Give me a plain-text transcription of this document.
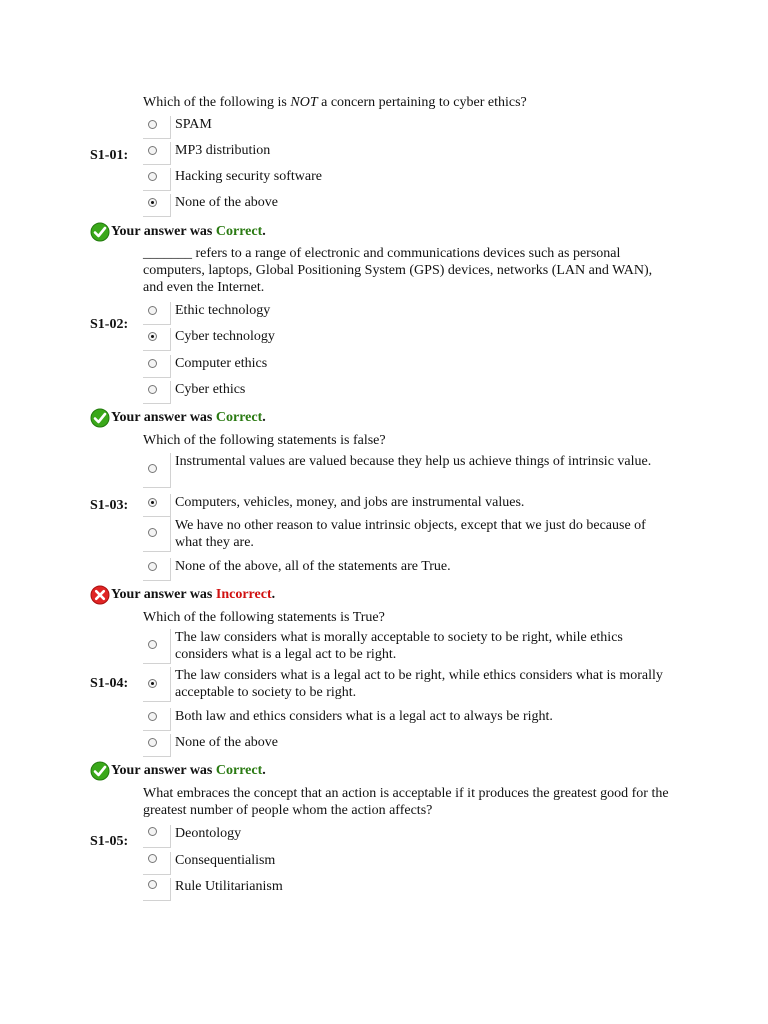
Which of the following is NOT a concern pertaining to cyber ethics?
S1-01:
SPAM
MP3 distribution
Hacking security software
None of the above
Your answer was Correct.
_______ refers to a range of electronic and communications devices such as personal computers, laptops, Global Positioning System (GPS) devices, networks (LAN and WAN), and even the Internet.
S1-02:
Ethic technology
Cyber technology
Computer ethics
Cyber ethics
Your answer was Correct.
Which of the following statements is false?
S1-03:
Instrumental values are valued because they help us achieve things of intrinsic value.
Computers, vehicles, money, and jobs are instrumental values.
We have no other reason to value intrinsic objects, except that we just do because of what they are.
None of the above, all of the statements are True.
Your answer was Incorrect.
Which of the following statements is True?
S1-04:
The law considers what is morally acceptable to society to be right, while ethics considers what is a legal act to be right.
The law considers what is a legal act to be right, while ethics considers what is morally acceptable to society to be right.
Both law and ethics considers what is a legal act to always be right.
None of the above
Your answer was Correct.
What embraces the concept that an action is acceptable if it produces the greatest good for the greatest number of people whom the action affects?
S1-05:
Deontology
Consequentialism
Rule Utilitarianism
